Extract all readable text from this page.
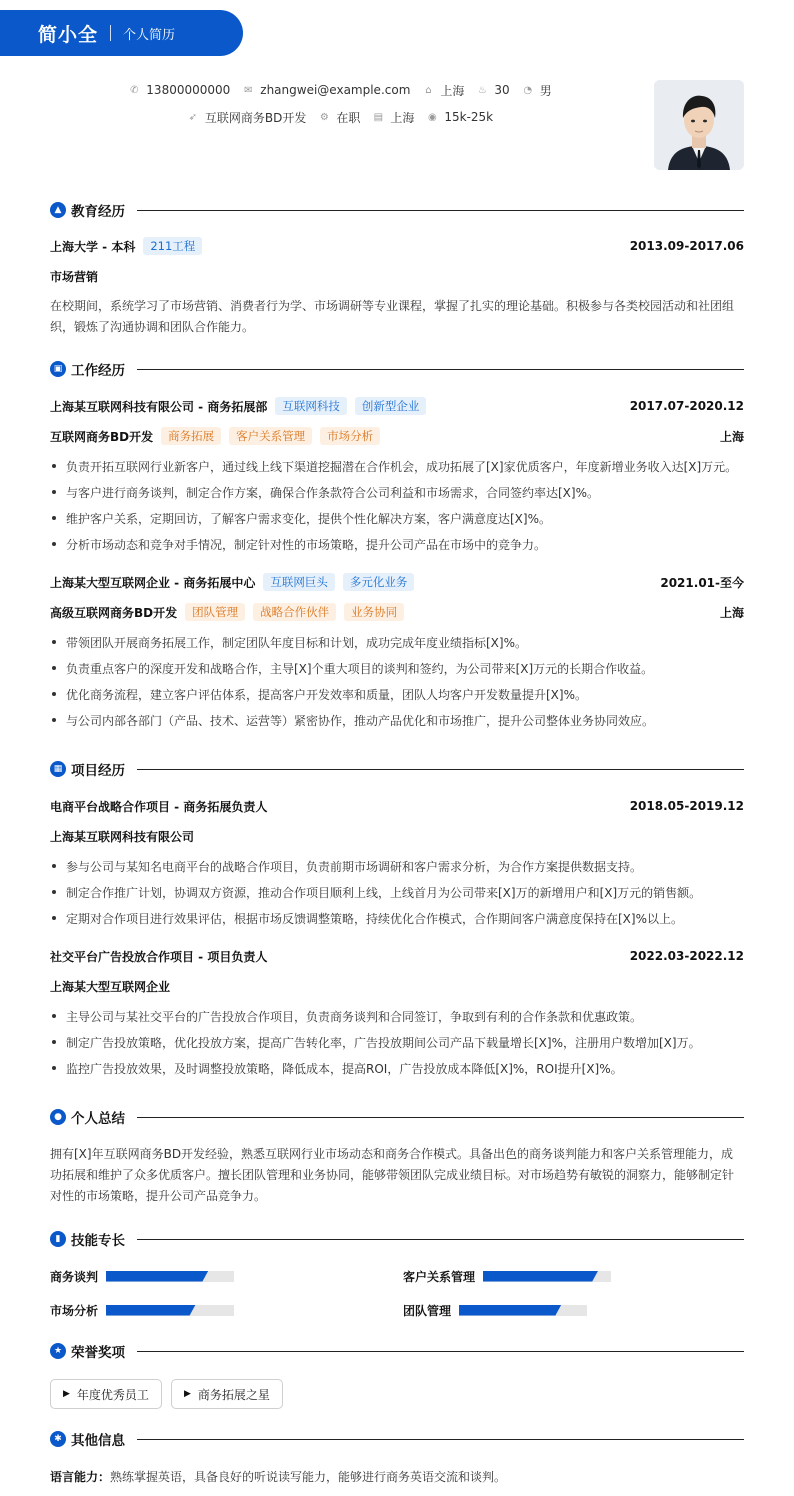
简小全 个人简历
✆ 13800000000 ✉ zhangwei@example.com ⌂ 上海 ♨ 30 ◔ 男
➶ 互联网商务BD开发 ⚙ 在职 ▤ 上海 ◉ 15k-25k
▲ 教育经历
上海大学 - 本科	211工程	2013.09-2017.06
市场营销
在校期间，系统学习了市场营销、消费者行为学、市场调研等专业课程，掌握了扎实的理论基础。积极参与各类校园活动和社团组织，锻炼了沟通协调和团队合作能力。
▣ 工作经历
上海某互联网科技有限公司 - 商务拓展部	互联网科技	创新型企业	2017.07-2020.12
互联网商务BD开发	商务拓展	客户关系管理	市场分析	上海
负责开拓互联网行业新客户，通过线上线下渠道挖掘潜在合作机会，成功拓展了[X]家优质客户，年度新增业务收入达[X]万元。
与客户进行商务谈判，制定合作方案，确保合作条款符合公司利益和市场需求，合同签约率达[X]%。
维护客户关系，定期回访，了解客户需求变化，提供个性化解决方案，客户满意度达[X]%。
分析市场动态和竞争对手情况，制定针对性的市场策略，提升公司产品在市场中的竞争力。
上海某大型互联网企业 - 商务拓展中心	互联网巨头	多元化业务	2021.01-至今
高级互联网商务BD开发	团队管理	战略合作伙伴	业务协同	上海
带领团队开展商务拓展工作，制定团队年度目标和计划，成功完成年度业绩指标[X]%。
负责重点客户的深度开发和战略合作，主导[X]个重大项目的谈判和签约，为公司带来[X]万元的长期合作收益。
优化商务流程，建立客户评估体系，提高客户开发效率和质量，团队人均客户开发数量提升[X]%。
与公司内部各部门（产品、技术、运营等）紧密协作，推动产品优化和市场推广，提升公司整体业务协同效应。
▦ 项目经历
电商平台战略合作项目 - 商务拓展负责人	2018.05-2019.12
上海某互联网科技有限公司
参与公司与某知名电商平台的战略合作项目，负责前期市场调研和客户需求分析，为合作方案提供数据支持。
制定合作推广计划，协调双方资源，推动合作项目顺利上线，上线首月为公司带来[X]万的新增用户和[X]万元的销售额。
定期对合作项目进行效果评估，根据市场反馈调整策略，持续优化合作模式，合作期间客户满意度保持在[X]%以上。
社交平台广告投放合作项目 - 项目负责人	2022.03-2022.12
上海某大型互联网企业
主导公司与某社交平台的广告投放合作项目，负责商务谈判和合同签订，争取到有利的合作条款和优惠政策。
制定广告投放策略，优化投放方案，提高广告转化率，广告投放期间公司产品下载量增长[X]%，注册用户数增加[X]万。
监控广告投放效果，及时调整投放策略，降低成本，提高ROI，广告投放成本降低[X]%，ROI提升[X]%。
● 个人总结
拥有[X]年互联网商务BD开发经验，熟悉互联网行业市场动态和商务合作模式。具备出色的商务谈判能力和客户关系管理能力，成功拓展和维护了众多优质客户。擅长团队管理和业务协同，能够带领团队完成业绩目标。对市场趋势有敏锐的洞察力，能够制定针对性的市场策略，提升公司产品竞争力。
▮ 技能专长
商务谈判	客户关系管理
市场分析	团队管理
★ 荣誉奖项
▶ 年度优秀员工	▶ 商务拓展之星
✱ 其他信息
语言能力： 熟练掌握英语，具备良好的听说读写能力，能够进行商务英语交流和谈判。
